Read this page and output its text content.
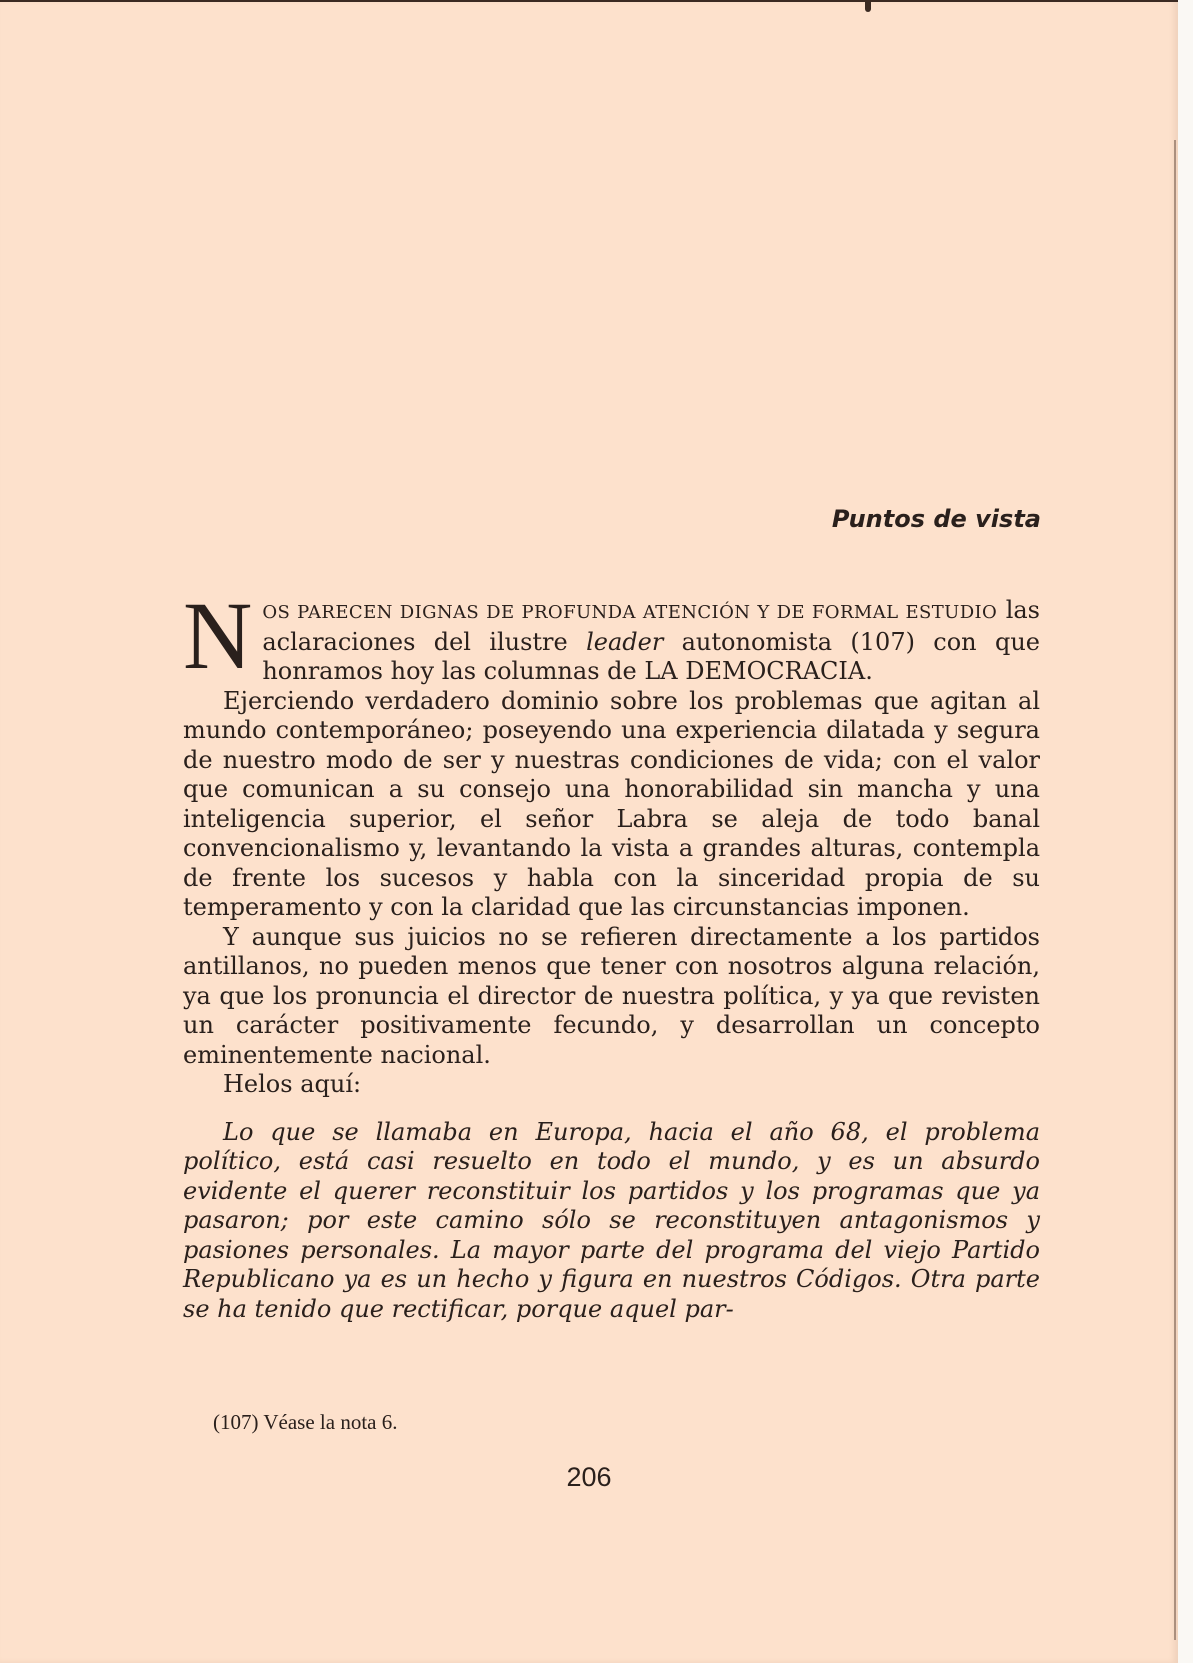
Puntos de vista

N OS PARECEN DIGNAS DE PROFUNDA ATENCIÓN Y DE FORMAL ESTUDIO las aclaraciones del ilustre leader autonomista (107) con que honramos hoy las columnas de LA DEMOCRACIA.

Ejerciendo verdadero dominio sobre los problemas que agitan al mundo contemporáneo; poseyendo una experiencia dilatada y segura de nuestro modo de ser y nuestras condiciones de vida; con el valor que comunican a su consejo una honorabilidad sin mancha y una inteligencia superior, el señor Labra se aleja de todo banal convencionalismo y, levantando la vista a grandes alturas, contempla de frente los sucesos y habla con la sinceridad propia de su temperamento y con la claridad que las circunstancias imponen.

Y aunque sus juicios no se refieren directamente a los partidos antillanos, no pueden menos que tener con nosotros alguna relación, ya que los pronuncia el director de nuestra política, y ya que revisten un carácter positivamente fecundo, y desarrollan un concepto eminentemente nacional.

Helos aquí:

Lo que se llamaba en Europa, hacia el año 68, el problema político, está casi resuelto en todo el mundo, y es un absurdo evidente el querer reconstituir los partidos y los programas que ya pasaron; por este camino sólo se reconstituyen antagonismos y pasiones personales. La mayor parte del programa del viejo Partido Republicano ya es un hecho y figura en nuestros Códigos. Otra parte se ha tenido que rectificar, porque aquel par-

(107) Véase la nota 6.

206
